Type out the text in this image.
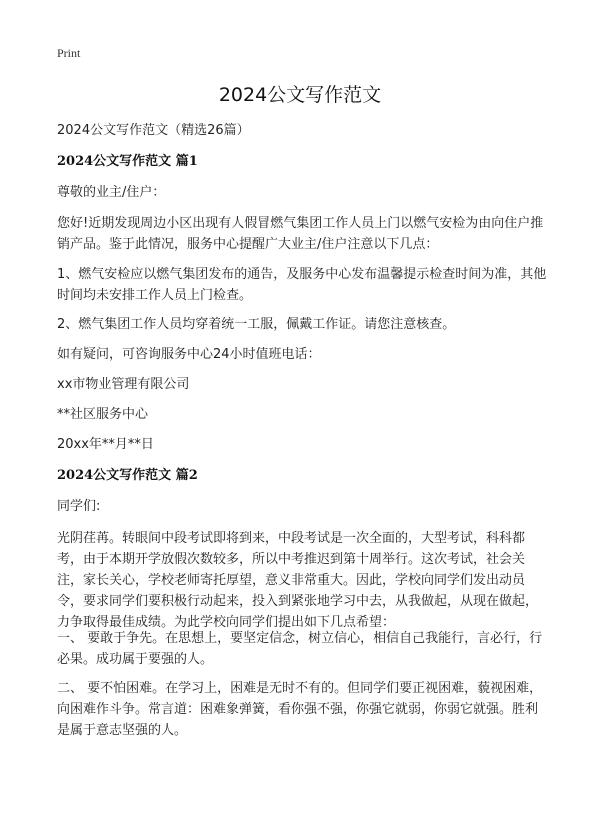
Print
2024公文写作范文
2024公文写作范文（精选26篇）
2024公文写作范文 篇1
尊敬的业主/住户：
您好!近期发现周边小区出现有人假冒燃气集团工作人员上门以燃气安检为由向住户推销产品。鉴于此情况，服务中心提醒广大业主/住户注意以下几点：
1、燃气安检应以燃气集团发布的通告，及服务中心发布温馨提示检查时间为准，其他时间均未安排工作人员上门检查。
2、燃气集团工作人员均穿着统一工服，佩戴工作证。请您注意核查。
如有疑问，可咨询服务中心24小时值班电话：
xx市物业管理有限公司
**社区服务中心
20xx年**月**日
2024公文写作范文 篇2
同学们:
光阴荏苒。转眼间中段考试即将到来，中段考试是一次全面的，大型考试，科科都考，由于本期开学放假次数较多，所以中考推迟到第十周举行。这次考试，社会关注，家长关心，学校老师寄托厚望，意义非常重大。因此，学校向同学们发出动员令，要求同学们要积极行动起来，投入到紧张地学习中去，从我做起，从现在做起，力争取得最佳成绩。为此学校向同学们提出如下几点希望：
一、 要敢于争先。在思想上，要坚定信念，树立信心，相信自己我能行，言必行，行必果。成功属于要强的人。
二、 要不怕困难。在学习上，困难是无时不有的。但同学们要正视困难，藐视困难，向困难作斗争。常言道：困难象弹簧，看你强不强，你强它就弱，你弱它就强。胜利是属于意志坚强的人。
